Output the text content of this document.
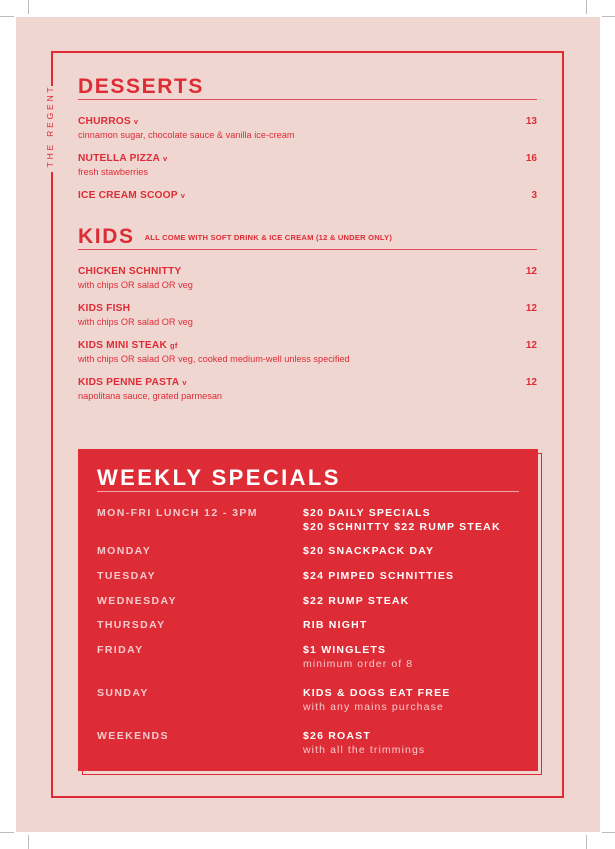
THE REGENT DESSERTS
CHURROS v
cinnamon sugar, chocolate sauce & vanilla ice-cream
13
NUTELLA PIZZA v
fresh stawberries
16
ICE CREAM SCOOP v	3
KIDS ALL COME WITH SOFT DRINK & ICE CREAM (12 & UNDER ONLY)
CHICKEN SCHNITTY
with chips OR salad OR veg
12
KIDS FISH
with chips OR salad OR veg
12
KIDS MINI STEAK gf
with chips OR salad OR veg, cooked medium-well unless specified
12
KIDS PENNE PASTA v
napolitana sauce, grated parmesan
12
WEEKLY SPECIALS
MON-FRI LUNCH 12 - 3PM	$20 DAILY SPECIALS
$20 SCHNITTY $22 RUMP STEAK
MONDAY	$20 SNACKPACK DAY
TUESDAY	$24 PIMPED SCHNITTIES
WEDNESDAY	$22 RUMP STEAK
THURSDAY	RIB NIGHT
FRIDAY	$1 WINGLETS
minimum order of 8
SUNDAY	KIDS & DOGS EAT FREE
with any mains purchase
WEEKENDS	$26 ROAST
with all the trimmings
